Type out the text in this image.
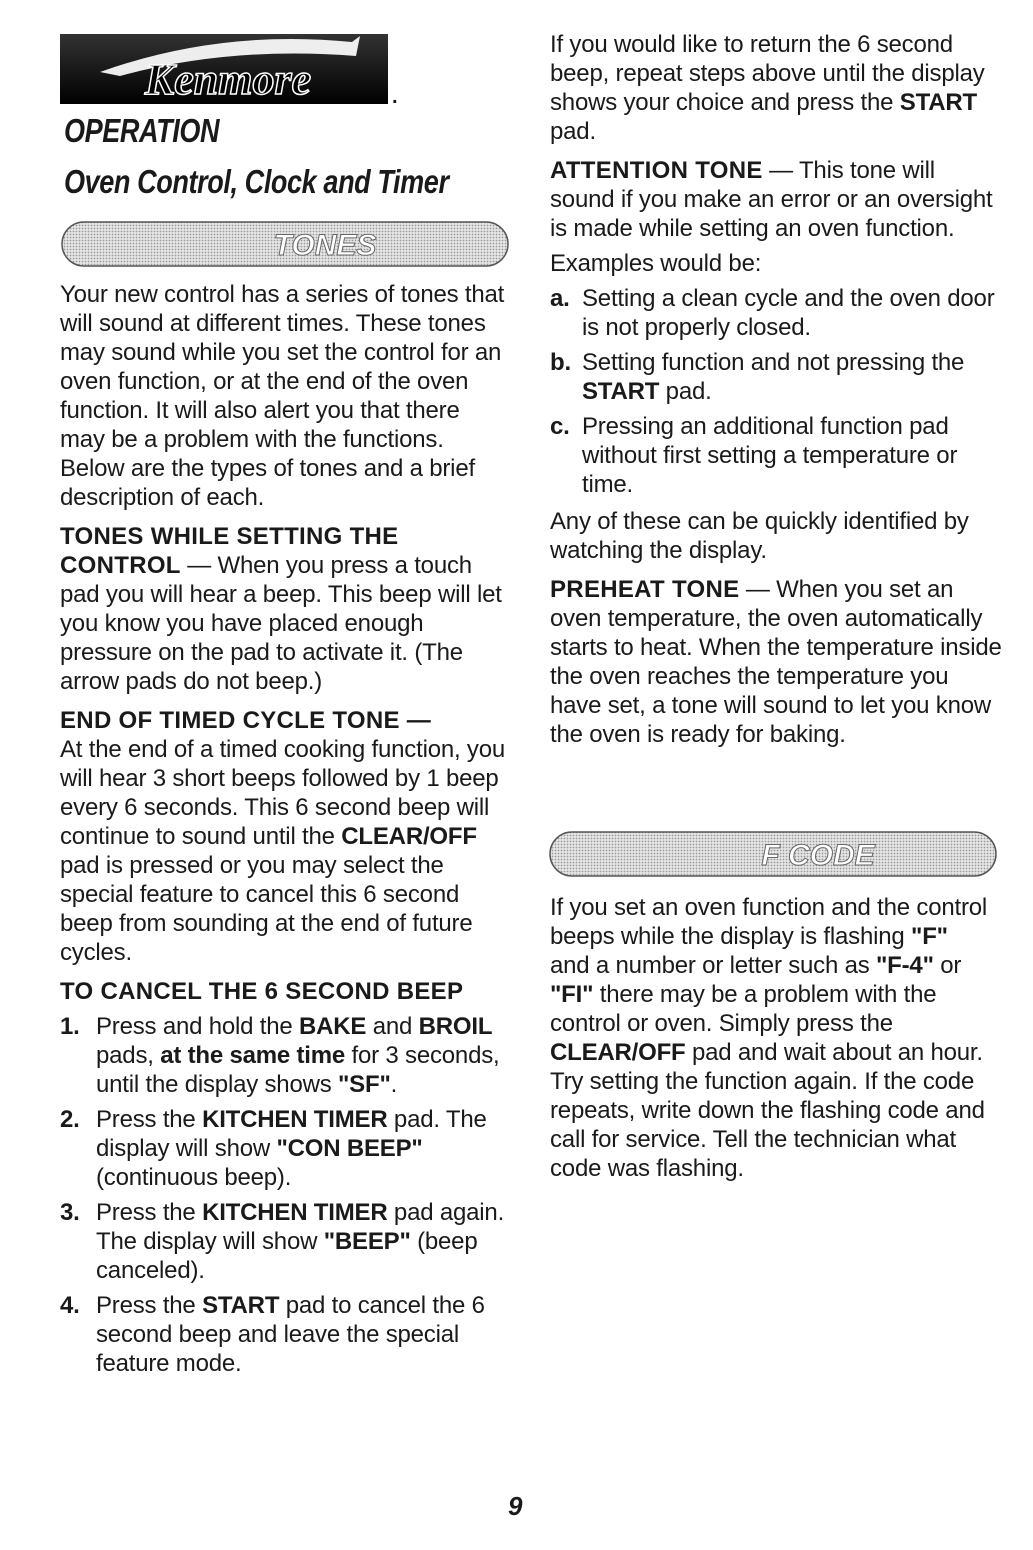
Kenmore	.
OPERATION
Oven Control, Clock and Timer
TONES

Your new control has a series of tones that will sound at different times. These tones may sound while you set the control for an oven function, or at the end of the oven function. It will also alert you that there may be a problem with the functions. Below are the types of tones and a brief description of each.

TONES WHILE SETTING THE CONTROL — When you press a touch pad you will hear a beep. This beep will let you know you have placed enough pressure on the pad to activate it. (The arrow pads do not beep.)

END OF TIMED CYCLE TONE —

At the end of a timed cooking function, you will hear 3 short beeps followed by 1 beep every 6 seconds. This 6 second beep will continue to sound until the CLEAR/OFF pad is pressed or you may select the special feature to cancel this 6 second beep from sounding at the end of future cycles.

TO CANCEL THE 6 SECOND BEEP

1. Press and hold the BAKE and BROIL pads, at the same time for 3 seconds, until the display shows "SF".
2. Press the KITCHEN TIMER pad. The display will show "CON BEEP" (continuous beep).
3. Press the KITCHEN TIMER pad again. The display will show "BEEP" (beep canceled).
4. Press the START pad to cancel the 6 second beep and leave the special feature mode.

If you would like to return the 6 second beep, repeat steps above until the display shows your choice and press the START pad.

ATTENTION TONE — This tone will sound if you make an error or an oversight is made while setting an oven function.

Examples would be:

a. Setting a clean cycle and the oven door is not properly closed.
b. Setting function and not pressing the START pad.
c. Pressing an additional function pad without first setting a temperature or time.

Any of these can be quickly identified by watching the display.

PREHEAT TONE — When you set an oven temperature, the oven automatically starts to heat. When the temperature inside the oven reaches the temperature you have set, a tone will sound to let you know the oven is ready for baking.

F CODE

If you set an oven function and the control beeps while the display is flashing "F" and a number or letter such as "F-4" or "FI" there may be a problem with the control or oven. Simply press the CLEAR/OFF pad and wait about an hour. Try setting the function again. If the code repeats, write down the flashing code and call for service. Tell the technician what code was flashing.

9
